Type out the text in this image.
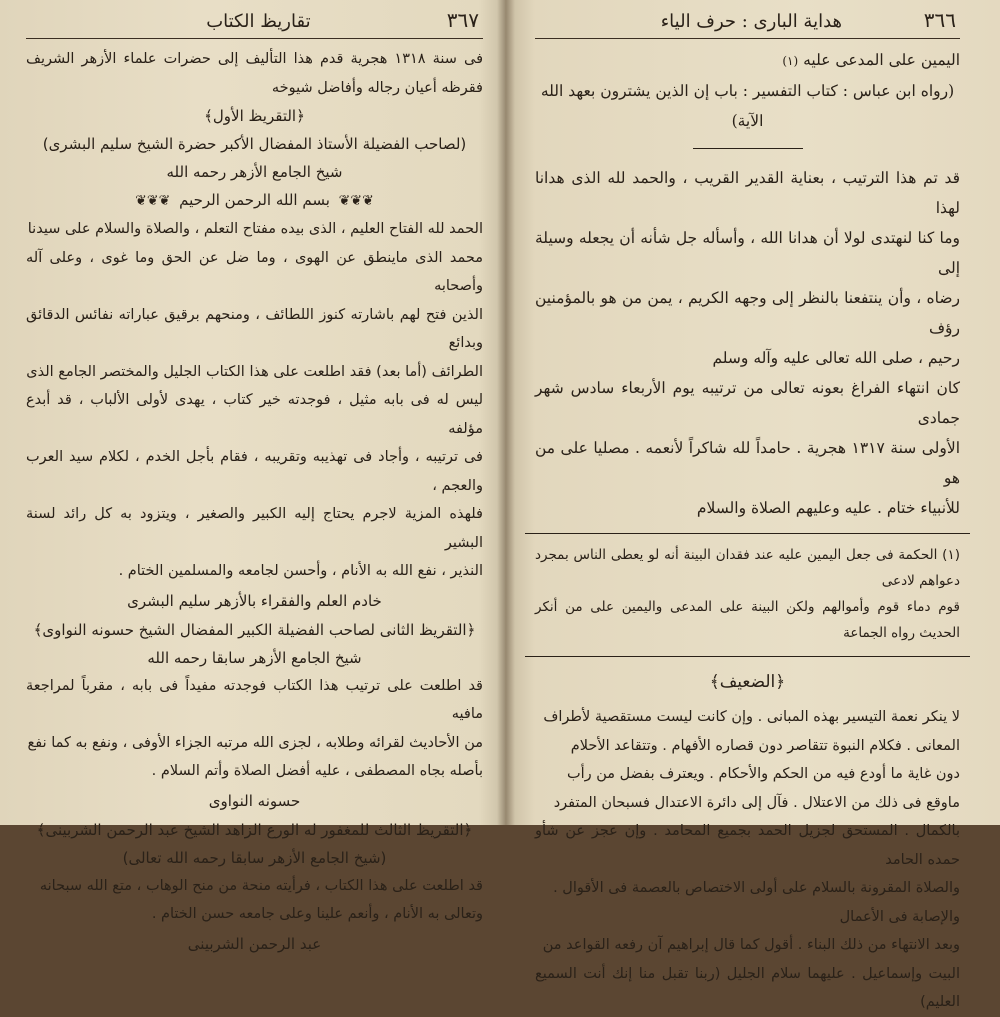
٣٦٧
تقاريظ الكتاب

فى سنة ١٣١٨ هجرية قدم هذا التأليف إلى حضرات علماء الأزهر الشريف فقرظه أعيان رجاله وأفاضل شيوخه

﴿التقريظ الأول﴾
(لصاحب الفضيلة الأستاذ المفضال الأكبر حضرة الشيخ سليم البشرى)
شيخ الجامع الأزهر رحمه الله
❦❦❦ بسم الله الرحمن الرحيم ❦❦❦

الحمد لله الفتاح العليم ، الذى بيده مفتاح التعلم ، والصلاة والسلام على سيدنا

محمد الذى ماينطق عن الهوى ، وما ضل عن الحق وما غوى ، وعلى آله وأصحابه

الذين فتح لهم باشارته كنوز اللطائف ، ومنحهم برقيق عباراته نفائس الدقائق وبدائع

الطرائف (أما بعد) فقد اطلعت على هذا الكتاب الجليل والمختصر الجامع الذى

ليس له فى بابه مثيل ، فوجدته خير كتاب ، يهدى لأولى الألباب ، قد أبدع مؤلفه

فى ترتيبه ، وأجاد فى تهذيبه وتقريبه ، فقام بأجل الخدم ، لكلام سيد العرب والعجم ،

فلهذه المزية لاجرم يحتاج إليه الكبير والصغير ، ويتزود به كل رائد لسنة البشير

النذير ، نفع الله به الأنام ، وأحسن لجامعه والمسلمين الختام .

خادم العلم والفقراء بالأزهر سليم البشرى
﴿التقريظ الثانى لصاحب الفضيلة الكبير المفضال الشيخ حسونه النواوى﴾
شيخ الجامع الأزهر سابقا رحمه الله

قد اطلعت على ترتيب هذا الكتاب فوجدته مفيداً فى بابه ، مقرباً لمراجعة مافيه

من الأحاديث لقرائه وطلابه ، لجزى الله مرتبه الجزاء الأوفى ، ونفع به كما نفع

بأصله بجاه المصطفى ، عليه أفضل الصلاة وأتم السلام .

حسونه النواوى
﴿التقريظ الثالث للمغفور له الورع الزاهد الشيخ عبد الرحمن الشربينى﴾
(شيخ الجامع الأزهر سابقا رحمه الله تعالى)

قد اطلعت على هذا الكتاب ، فرأيته منحة من منح الوهاب ، متع الله سبحانه

وتعالى به الأنام ، وأنعم علينا وعلى جامعه حسن الختام .

عبد الرحمن الشربينى
٣٦٦
هداية البارى : حرف الياء

اليمين على المدعى عليه (١)

(رواه ابن عباس : كتاب التفسير : باب إن الذين يشترون بعهد الله الآية)

قد تم هذا الترتيب ، بعناية القدير القريب ، والحمد لله الذى هدانا لهذا

وما كنا لنهتدى لولا أن هدانا الله ، وأسأله جل شأنه أن يجعله وسيلة إلى

رضاه ، وأن ينتفعنا بالنظر إلى وجهه الكريم ، يمن من هو بالمؤمنين رؤف

رحيم ، صلى الله تعالى عليه وآله وسلم

كان انتهاء الفراغ بعونه تعالى من ترتيبه يوم الأربعاء سادس شهر جمادى

الأولى سنة ١٣١٧ هجرية . حامداً لله شاكراً لأنعمه . مصليا على من هو

للأنبياء ختام . عليه وعليهم الصلاة والسلام

(١) الحكمة فى جعل اليمين عليه عند فقدان البينة أنه لو يعطى الناس بمجرد دعواهم لادعى

قوم دماء قوم وأموالهم ولكن البينة على المدعى واليمين على من أنكر الحديث رواه الجماعة

﴿الضعيف﴾

لا ينكر نعمة التيسير بهذه المبانى . وإن كانت ليست مستقصية لأطراف

المعانى . فكلام النبوة تتقاصر دون قصاره الأفهام . وتتقاعد الأحلام

دون غاية ما أودع فيه من الحكم والأحكام . ويعترف بفضل من رأب

ماوقع فى ذلك من الاعتلال . فآل إلى دائرة الاعتدال فسبحان المتفرد

بالكمال . المستحق لجزيل الحمد بجميع المحامد . وإن عجز عن شأو حمده الحامد

والصلاة المقرونة بالسلام على أولى الاختصاص بالعصمة فى الأقوال .

والإصابة فى الأعمال

وبعد الانتهاء من ذلك البناء . أقول كما قال إبراهيم آن رفعه القواعد من

البيت وإسماعيل . عليهما سلام الجليل (ربنا تقبل منا إنك أنت السميع العليم)
